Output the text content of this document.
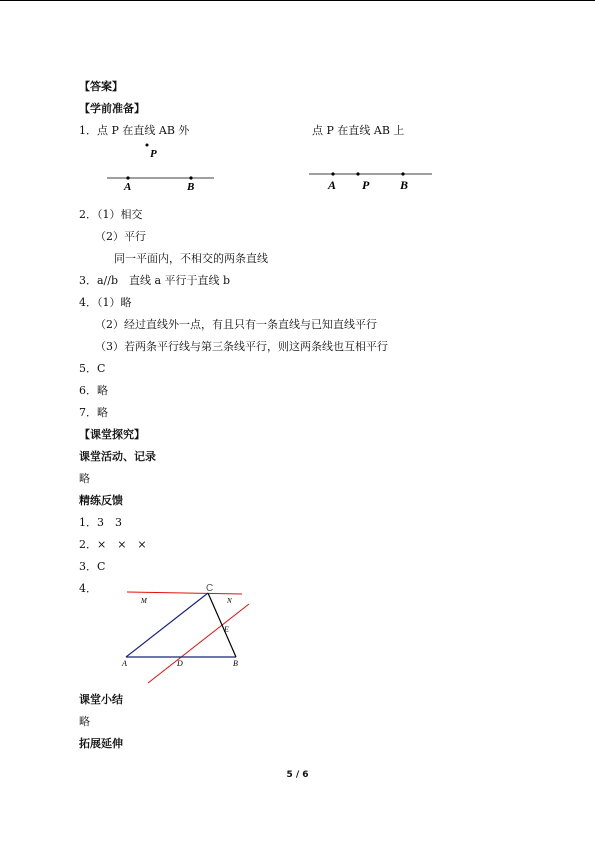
【答案】
【学前准备】
1．点 P 在直线 AB 外	点 P 在直线 AB 上
P
A	B	A P	B
2．（1）相交
（2）平行
同一平面内，不相交的两条直线
3．a//b　直线 a 平行于直线 b
4．（1）略
（2）经过直线外一点，有且只有一条直线与已知直线平行
（3）若两条平行线与第三条线平行，则这两条线也互相平行
5．C
6．略
7．略
【课堂探究】
课堂活动、记录
略
精练反馈
1．3　3
2．×　×　×
3．C
4．	C
M	N
E
A	D	B
课堂小结
略
拓展延伸
5 / 6
